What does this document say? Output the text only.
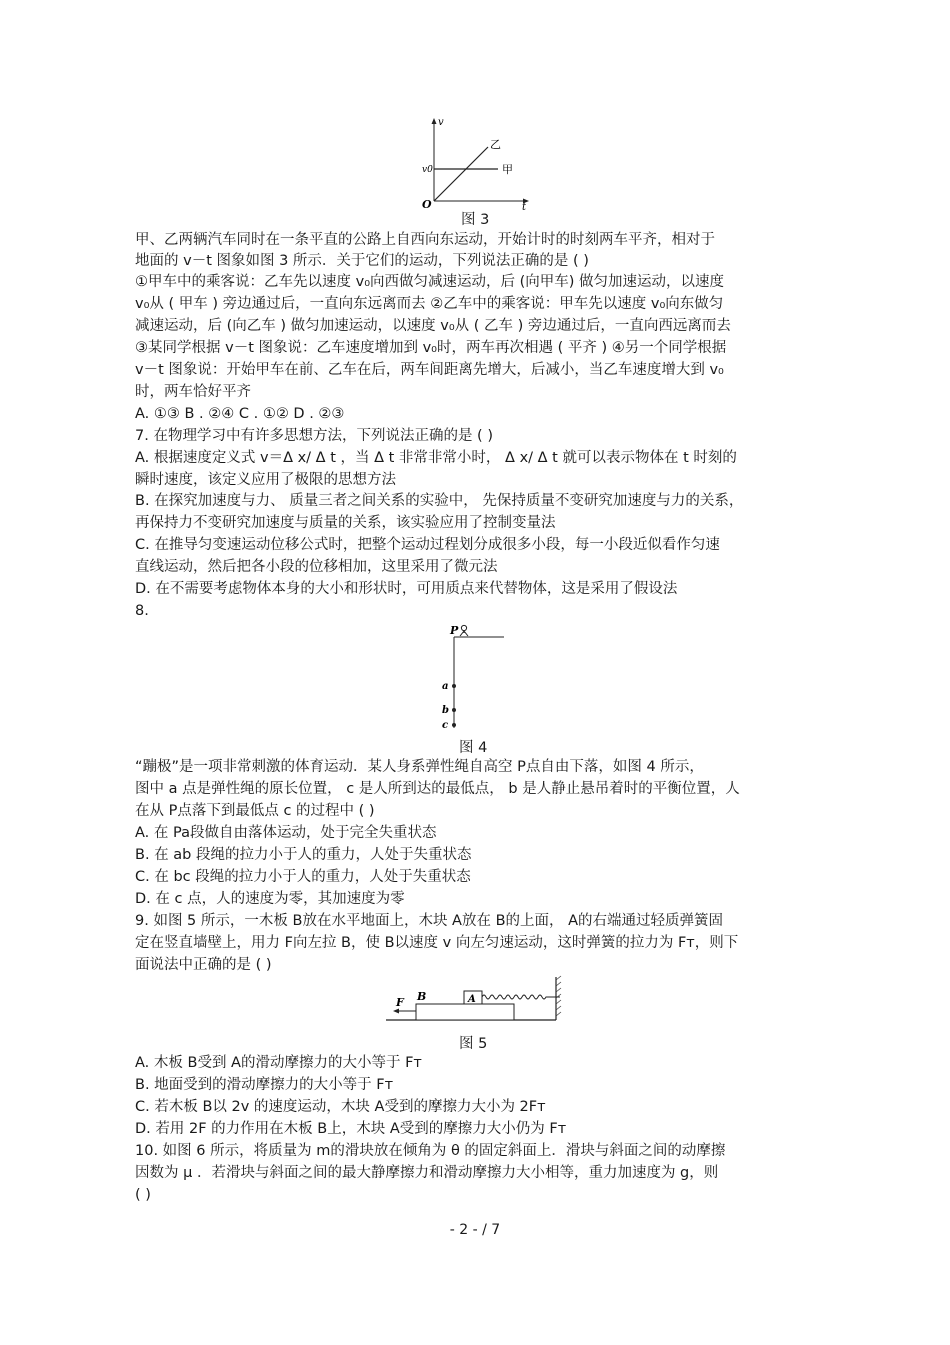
v
t
O
v0
乙
甲
图 3
甲、乙两辆汽车同时在一条平直的公路上自西向东运动，开始计时的时刻两车平齐，相对于
地面的 v－t 图象如图 3 所示．关于它们的运动，下列说法正确的是 ( )
①甲车中的乘客说：乙车先以速度 v₀向西做匀减速运动，后 (向甲车) 做匀加速运动，以速度
v₀从 ( 甲车 ) 旁边通过后，一直向东远离而去 ②乙车中的乘客说：甲车先以速度 v₀向东做匀
减速运动，后 (向乙车 ) 做匀加速运动，以速度 v₀从 ( 乙车 ) 旁边通过后，一直向西远离而去
③某同学根据 v－t 图象说：乙车速度增加到 v₀时，两车再次相遇 ( 平齐 ) ④另一个同学根据
v－t 图象说：开始甲车在前、乙车在后，两车间距离先增大，后减小，当乙车速度增大到 v₀
时，两车恰好平齐
A. ①③ B . ②④ C . ①② D . ②③
7. 在物理学习中有许多思想方法，下列说法正确的是 ( )
A. 根据速度定义式 v＝Δ x/ Δ t ，当 Δ t 非常非常小时， Δ x/ Δ t 就可以表示物体在 t 时刻的
瞬时速度，该定义应用了极限的思想方法
B. 在探究加速度与力、 质量三者之间关系的实验中， 先保持质量不变研究加速度与力的关系，
再保持力不变研究加速度与质量的关系，该实验应用了控制变量法
C. 在推导匀变速运动位移公式时，把整个运动过程划分成很多小段，每一小段近似看作匀速
直线运动，然后把各小段的位移相加，这里采用了微元法
D. 在不需要考虑物体本身的大小和形状时，可用质点来代替物体，这是采用了假设法
8.
P
a
b
c
图 4
“蹦极”是一项非常刺激的体育运动．某人身系弹性绳自高空 P点自由下落，如图 4 所示，
图中 a 点是弹性绳的原长位置， c 是人所到达的最低点， b 是人静止悬吊着时的平衡位置，人
在从 P点落下到最低点 c 的过程中 ( )
A. 在 Pa段做自由落体运动，处于完全失重状态
B. 在 ab 段绳的拉力小于人的重力，人处于失重状态
C. 在 bc 段绳的拉力小于人的重力，人处于失重状态
D. 在 c 点，人的速度为零，其加速度为零
9. 如图 5 所示，一木板 B放在水平地面上，木块 A放在 B的上面， A的右端通过轻质弹簧固
定在竖直墙壁上，用力 F向左拉 B，使 B以速度 v 向左匀速运动，这时弹簧的拉力为 Fᴛ，则下
面说法中正确的是 ( )
F B	A
图 5
A. 木板 B受到 A的滑动摩擦力的大小等于 Fᴛ
B. 地面受到的滑动摩擦力的大小等于 Fᴛ
C. 若木板 B以 2v 的速度运动，木块 A受到的摩擦力大小为 2Fᴛ
D. 若用 2F 的力作用在木板 B上，木块 A受到的摩擦力大小仍为 Fᴛ
10. 如图 6 所示，将质量为 m的滑块放在倾角为 θ 的固定斜面上．滑块与斜面之间的动摩擦
因数为 μ ．若滑块与斜面之间的最大静摩擦力和滑动摩擦力大小相等，重力加速度为 g，则
( )
- 2 - / 7
